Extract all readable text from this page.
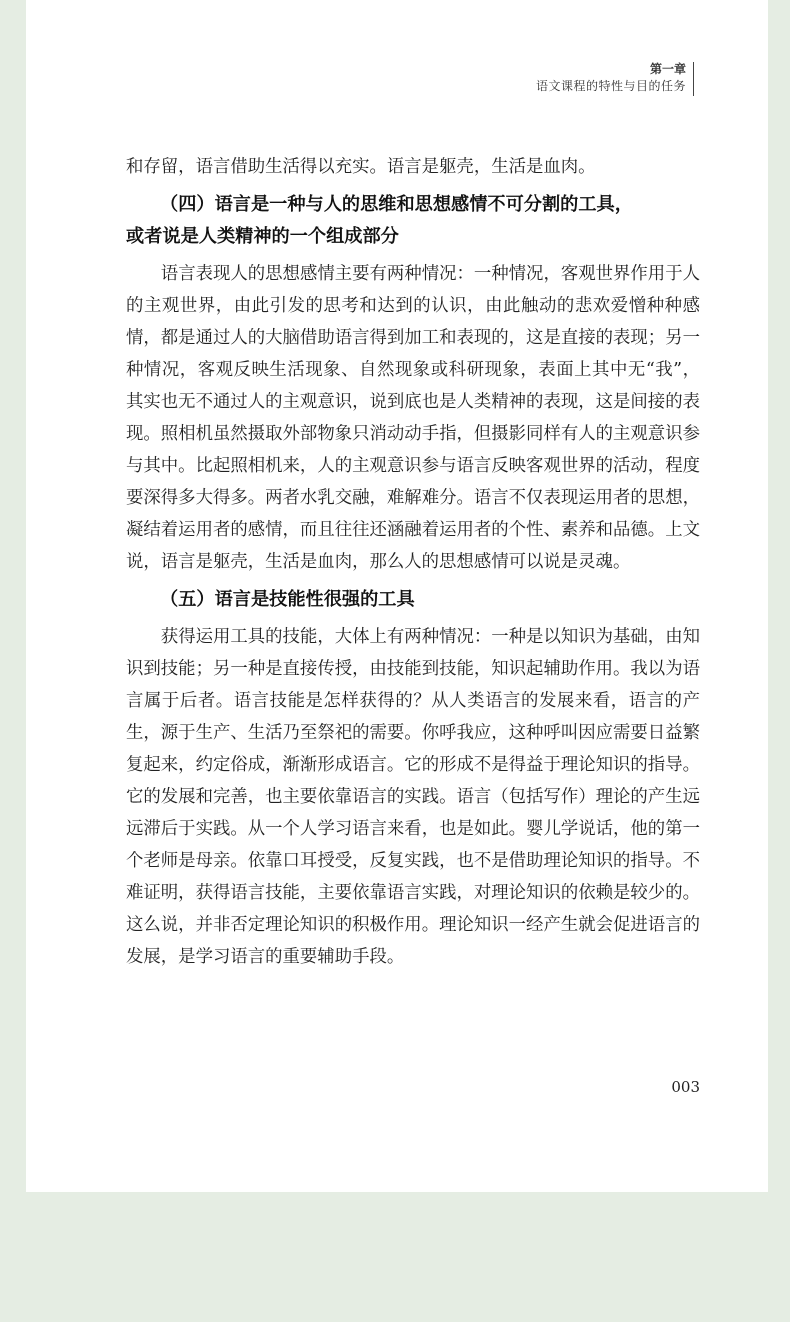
第一章
语文课程的特性与目的任务

和存留，语言借助生活得以充实。语言是躯壳，生活是血肉。

（四）语言是一种与人的思维和思想感情不可分割的工具，
或者说是人类精神的一个组成部分

语言表现人的思想感情主要有两种情况：一种情况，客观世界作用于人的主观世界，由此引发的思考和达到的认识，由此触动的悲欢爱憎种种感情，都是通过人的大脑借助语言得到加工和表现的，这是直接的表现；另一种情况，客观反映生活现象、自然现象或科研现象，表面上其中无“我”，其实也无不通过人的主观意识，说到底也是人类精神的表现，这是间接的表现。照相机虽然摄取外部物象只消动动手指，但摄影同样有人的主观意识参与其中。比起照相机来，人的主观意识参与语言反映客观世界的活动，程度要深得多大得多。两者水乳交融，难解难分。语言不仅表现运用者的思想，凝结着运用者的感情，而且往往还涵融着运用者的个性、素养和品德。上文说，语言是躯壳，生活是血肉，那么人的思想感情可以说是灵魂。

（五）语言是技能性很强的工具

获得运用工具的技能，大体上有两种情况：一种是以知识为基础，由知识到技能；另一种是直接传授，由技能到技能，知识起辅助作用。我以为语言属于后者。语言技能是怎样获得的？从人类语言的发展来看，语言的产生，源于生产、生活乃至祭祀的需要。你呼我应，这种呼叫因应需要日益繁复起来，约定俗成，渐渐形成语言。它的形成不是得益于理论知识的指导。它的发展和完善，也主要依靠语言的实践。语言（包括写作）理论的产生远远滞后于实践。从一个人学习语言来看，也是如此。婴儿学说话，他的第一个老师是母亲。依靠口耳授受，反复实践，也不是借助理论知识的指导。不难证明，获得语言技能，主要依靠语言实践，对理论知识的依赖是较少的。这么说，并非否定理论知识的积极作用。理论知识一经产生就会促进语言的发展，是学习语言的重要辅助手段。

003
